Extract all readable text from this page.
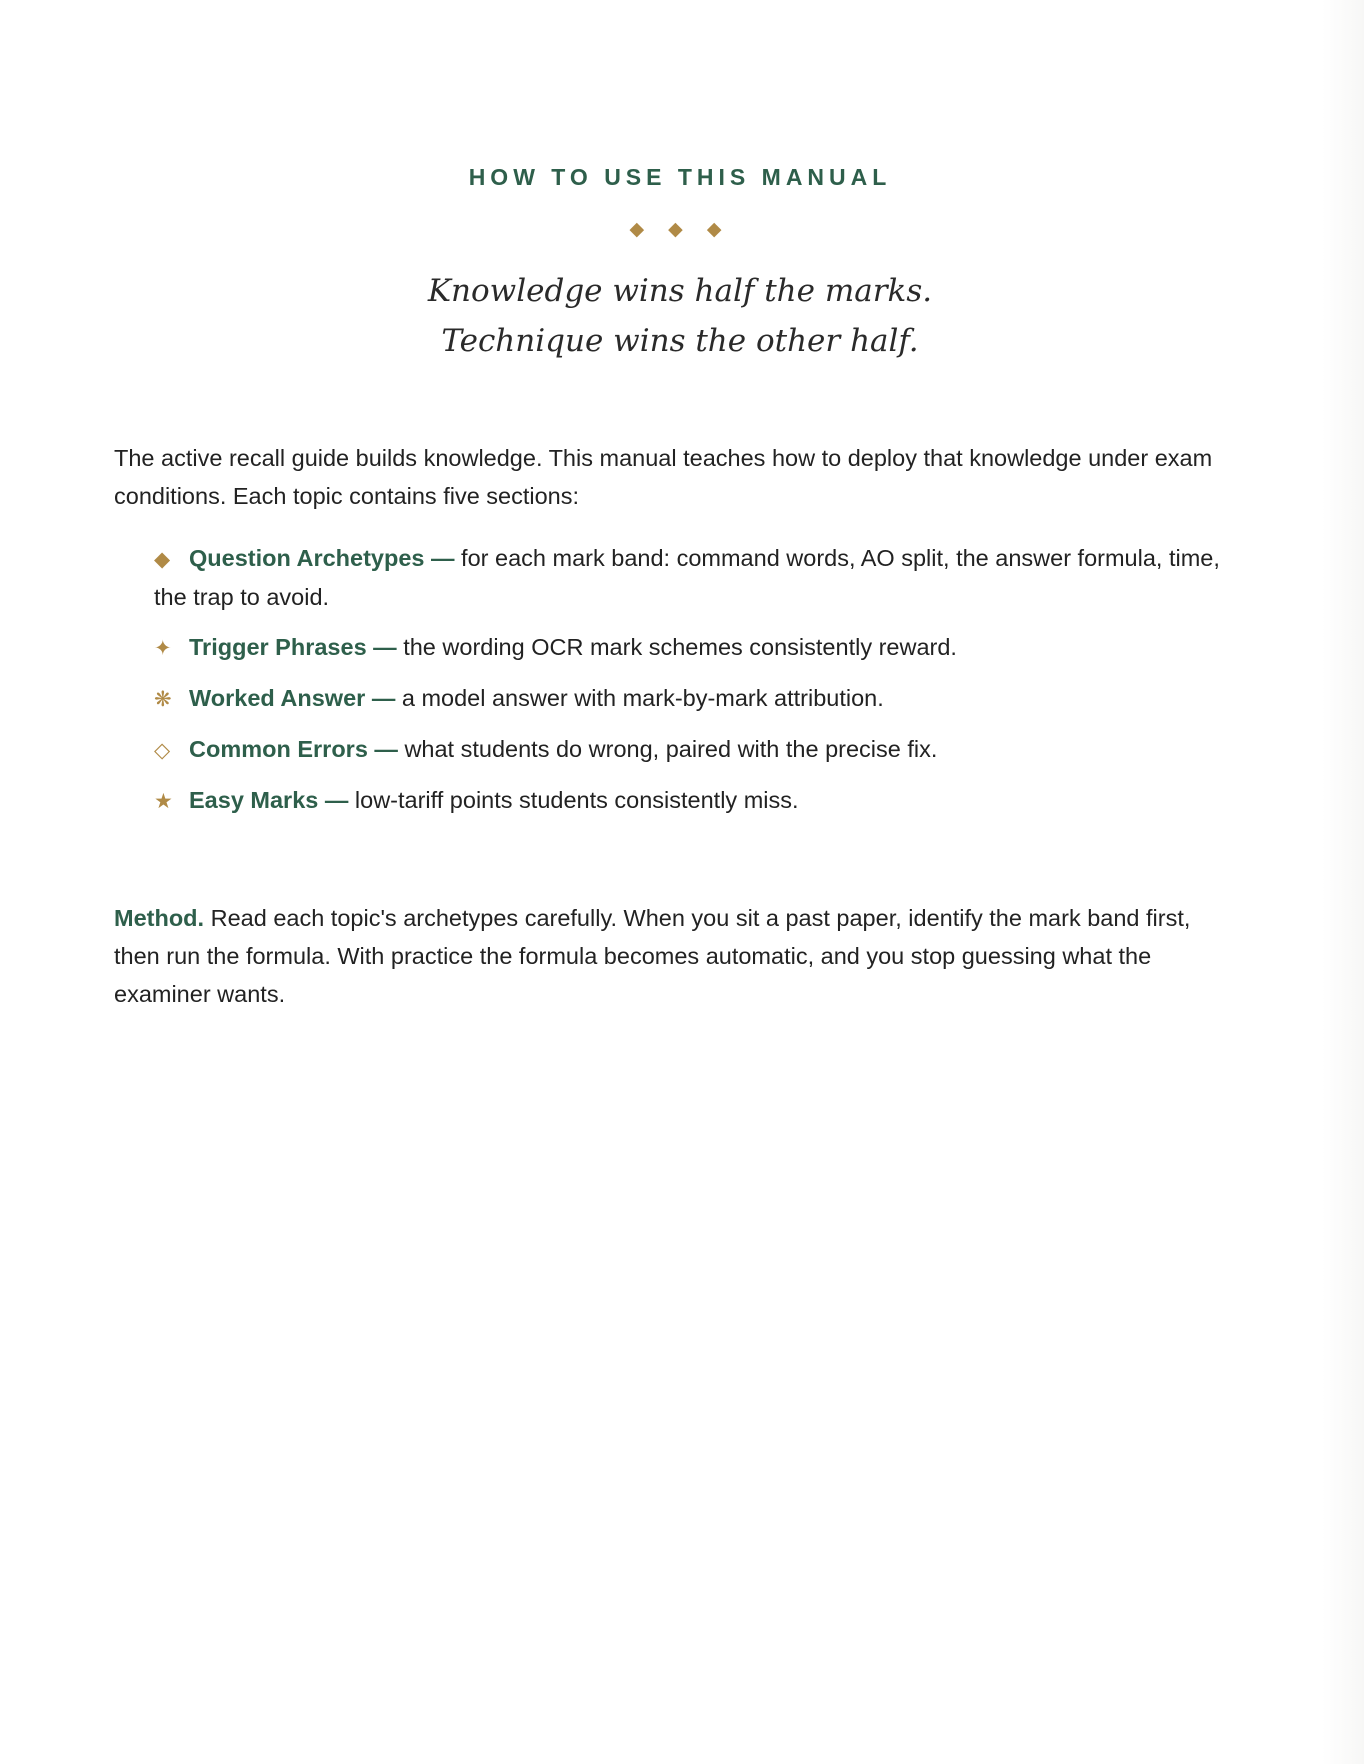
HOW TO USE THIS MANUAL
◆ ◆ ◆
Knowledge wins half the marks.
Technique wins the other half.

The active recall guide builds knowledge. This manual teaches how to deploy that knowledge under exam conditions. Each topic contains five sections:

◆ Question Archetypes — for each mark band: command words, AO split, the answer formula, time, the trap to avoid.
✦ Trigger Phrases — the wording OCR mark schemes consistently reward.
❋ Worked Answer — a model answer with mark-by-mark attribution.
◇ Common Errors — what students do wrong, paired with the precise fix.
★ Easy Marks — low-tariff points students consistently miss.

Method. Read each topic's archetypes carefully. When you sit a past paper, identify the mark band first, then run the formula. With practice the formula becomes automatic, and you stop guessing what the examiner wants.
